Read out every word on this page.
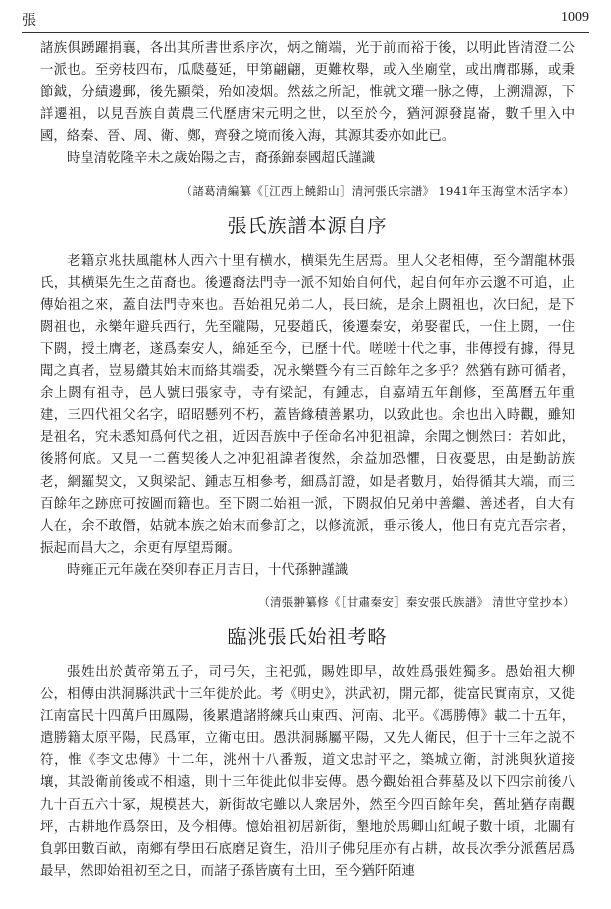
張	1009

諸族俱踴躍捐襄，各出其所書世系序次，炳之簡端，光于前而裕于後，以明此皆清澄二公一派也。至旁枝四布，瓜瓞蔓延，甲第翩翩，更難枚舉，或入坐廟堂，或出膺郡縣，或秉節鉞，分績邊郵，後先顯榮，殆如凌烟。然兹之所記，惟就文瓘一脉之傳，上溯淵源，下詳遷祖，以見吾族自黃農三代歷唐宋元明之世，以至於今，猶河源發崑崙，數千里入中國，絡秦、晉、周、衛、鄭，齊發之境而後入海，其源其委亦如此已。

時皇清乾隆辛未之歲始陽之吉，裔孫錦泰國超氏謹識
（諸葛清編纂《［江西上饒鉛山］清河張氏宗譜》 1941年玉海堂木活字本）
張氏族譜本源自序

老籍京兆扶風龍林人西六十里有横水，横渠先生居焉。里人父老相傳，至今謂龍林張氏，其横渠先生之苗裔也。後遷裔法門寺一派不知始自何代，起自何年亦云邈不可追，止傳始祖之來，蓋自法門寺來也。吾始祖兄弟二人，長曰統，是余上閼祖也，次曰紀，是下閼祖也，永樂年避兵西行，先至隴陽，兄娶趙氏，後遷秦安，弟娶翟氏，一住上閼，一住下閼，授土膺老，遂爲秦安人，綿延至今，已歷十代。嗟嗟十代之事，非傳授有據，得見聞之真者，豈易纘其始末而絡其端委，况永樂暨今有三百餘年之多乎？然猶有跡可循者，余上閼有祖寺，邑人號曰張家寺，寺有梁記，有鍾志，自嘉靖五年創修，至萬曆五年重建，三四代祖父名字，昭昭懸列不朽，蓋皆緣積善累功，以致此也。余也出入時觀，雖知是祖名，究未悉知爲何代之祖，近因吾族中子侄命名冲犯祖諱，余聞之惻然曰：若如此，後將何底。又見一二舊契後人之冲犯祖諱者復然，余益加恐懼，日夜憂思，由是勤訪族老，網羅契文，又與梁記、鍾志互相參考，細爲訂證，如是者數月，始得循其大端，而三百餘年之跡庶可按圖而籍也。至下閼二始祖一派，下閼叔伯兄弟中善繼、善述者，自大有人在，余不敢僭，姑就本族之始末而參訂之，以修流派，垂示後人，他日有克亢吾宗者，振起而昌大之，余更有厚望焉爾。

時雍正元年歲在癸卯春正月吉日，十代孫翀謹識
（清張翀纂修《［甘肅秦安］秦安張氏族譜》 清世守堂抄本）
臨洮張氏始祖考略

張姓出於黃帝第五子，司弓矢，主祀弧，賜姓即早，故姓爲張姓獨多。愚始祖大柳公，相傳由洪洞縣洪武十三年徙於此。考《明史》，洪武初，開元都，徙富民實南京，又徙江南富民十四萬戶田鳳陽，後累遣諸將練兵山東西、河南、北平。《馮勝傳》載二十五年，遣勝籍太原平陽，民爲軍，立衛屯田。愚洪洞縣屬平陽，又先人衛民，但于十三年之説不符，惟《李文忠傳》十二年，洮州十八番叛，道文忠討平之，築城立衛，討洮與狄道接壤，其設衛前後或不相遠，則十三年徙此似非妄傳。愚今觀始祖合葬墓及以下四宗前後八九十百五六十冢，規模甚大，新街故宅雖以人衆居外，然至今四百餘年矣，舊址猶存南觀坪，古耕地作爲祭田，及今相傳。憶始祖初居新街，墾地於馬卿山紅峴子數十頃，北關有負郭田數百畝，南鄉有學田石底磨足資生，沿川子佛兒厓亦有占耕，故長次季分派舊居爲最早，然即始祖初至之日，而諸子孫皆廣有土田，至今猶阡陌連
